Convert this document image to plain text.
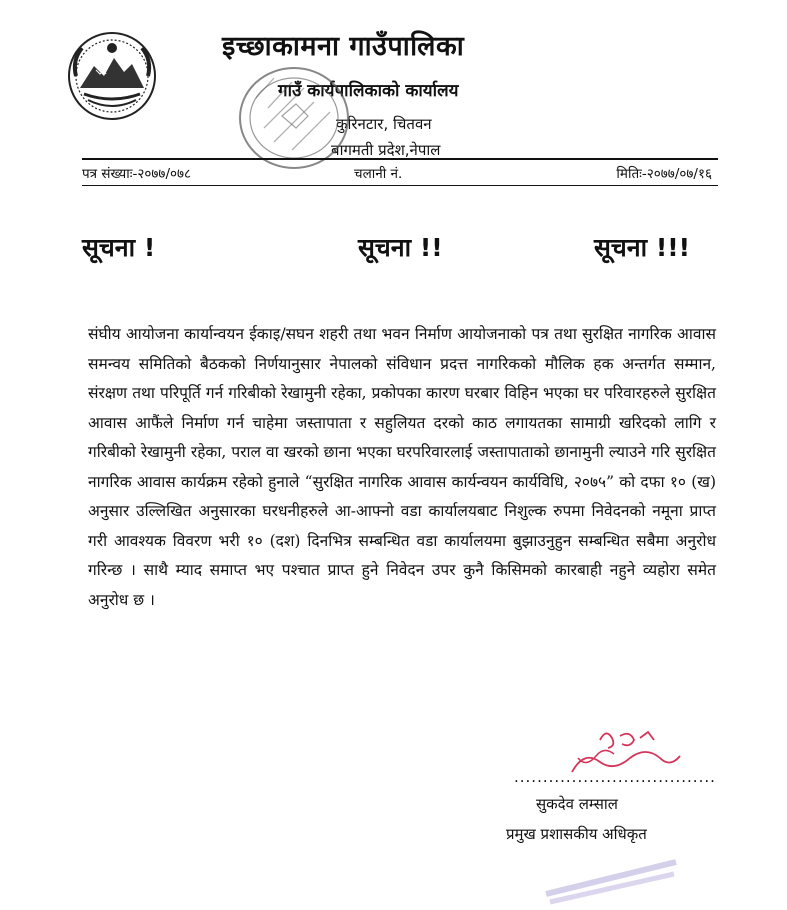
इच्छाकामना गाउँपालिका
गाउँ कार्यपालिकाको कार्यालय
कुरिनटार, चितवन
बागमती प्रदेश,नेपाल
पत्र संख्याः-२०७७/०७८	चलानी नं.	मितिः-२०७७/०७/१६
सूचना !	सूचना !!	सूचना !!!
संघीय आयोजना कार्यान्वयन ईकाइ/सघन शहरी तथा भवन निर्माण आयोजनाको पत्र तथा सुरक्षित नागरिक आवास समन्वय समितिको बैठकको निर्णयानुसार नेपालको संविधान प्रदत्त नागरिकको मौलिक हक अन्तर्गत सम्मान, संरक्षण तथा परिपूर्ति गर्न गरिबीको रेखामुनी रहेका, प्रकोपका कारण घरबार विहिन भएका घर परिवारहरुले सुरक्षित आवास आफैंले निर्माण गर्न चाहेमा जस्तापाता र सहुलियत दरको काठ लगायतका सामाग्री खरिदको लागि र गरिबीको रेखामुनी रहेका, पराल वा खरको छाना भएका घरपरिवारलाई जस्तापाताको छानामुनी ल्याउने गरि सुरक्षित नागरिक आवास कार्यक्रम रहेको हुनाले “सुरक्षित नागरिक आवास कार्यन्वयन कार्यविधि, २०७५” को दफा १० (ख) अनुसार उल्लिखित अनुसारका घरधनीहरुले आ-आफ्नो वडा कार्यालयबाट निशुल्क रुपमा निवेदनको नमूना प्राप्त गरी आवश्यक विवरण भरी १० (दश) दिनभित्र सम्बन्धित वडा कार्यालयमा बुझाउनुहुन सम्बन्धित सबैमा अनुरोध गरिन्छ । साथै म्याद समाप्त भए पश्चात प्राप्त हुने निवेदन उपर कुनै किसिमको कारबाही नहुने व्यहोरा समेत अनुरोध छ ।
...................................
सुकदेव लम्साल
प्रमुख प्रशासकीय अधिकृत
